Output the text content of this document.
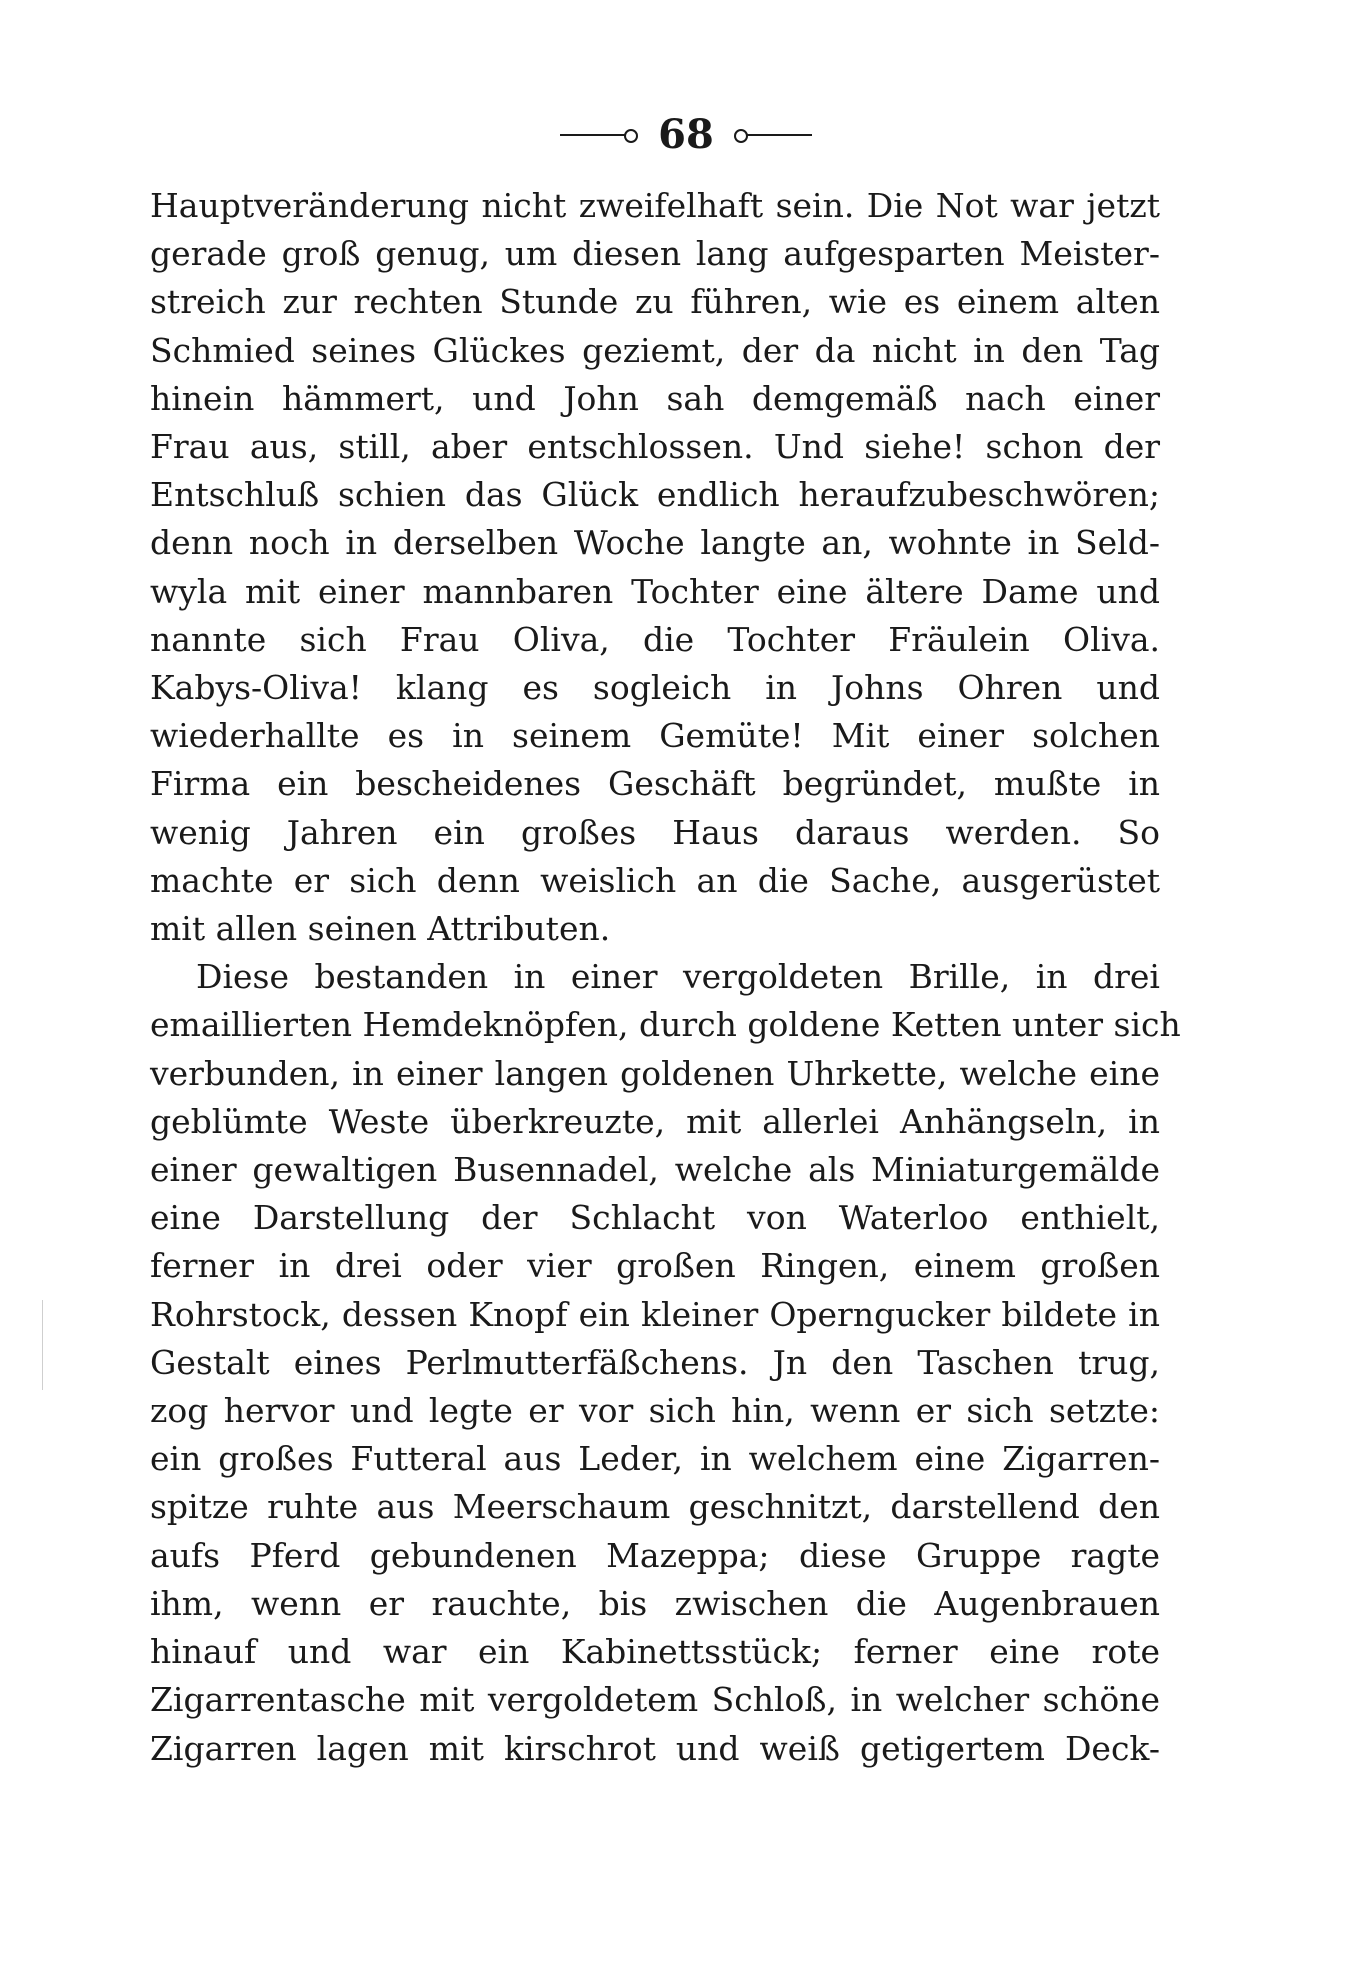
68

Hauptveränderung nicht zweifelhaft sein. Die Not war jetzt

gerade groß genug, um diesen lang aufgesparten Meister-

streich zur rechten Stunde zu führen, wie es einem alten

Schmied seines Glückes geziemt, der da nicht in den Tag

hinein hämmert, und John sah demgemäß nach einer

Frau aus, still, aber entschlossen. Und siehe! schon der

Entschluß schien das Glück endlich heraufzubeschwören;

denn noch in derselben Woche langte an, wohnte in Seld-

wyla mit einer mannbaren Tochter eine ältere Dame und

nannte sich Frau Oliva, die Tochter Fräulein Oliva.

Kabys-Oliva! klang es sogleich in Johns Ohren und

wiederhallte es in seinem Gemüte! Mit einer solchen

Firma ein bescheidenes Geschäft begründet, mußte in

wenig Jahren ein großes Haus daraus werden. So

machte er sich denn weislich an die Sache, ausgerüstet

mit allen seinen Attributen.

Diese bestanden in einer vergoldeten Brille, in drei

emaillierten Hemdeknöpfen, durch goldene Ketten unter sich

verbunden, in einer langen goldenen Uhrkette, welche eine

geblümte Weste überkreuzte, mit allerlei Anhängseln, in

einer gewaltigen Busennadel, welche als Miniaturgemälde

eine Darstellung der Schlacht von Waterloo enthielt,

ferner in drei oder vier großen Ringen, einem großen

Rohrstock, dessen Knopf ein kleiner Operngucker bildete in

Gestalt eines Perlmutterfäßchens. Jn den Taschen trug,

zog hervor und legte er vor sich hin, wenn er sich setzte:

ein großes Futteral aus Leder, in welchem eine Zigarren-

spitze ruhte aus Meerschaum geschnitzt, darstellend den

aufs Pferd gebundenen Mazeppa; diese Gruppe ragte

ihm, wenn er rauchte, bis zwischen die Augenbrauen

hinauf und war ein Kabinettsstück; ferner eine rote

Zigarrentasche mit vergoldetem Schloß, in welcher schöne

Zigarren lagen mit kirschrot und weiß getigertem Deck-
